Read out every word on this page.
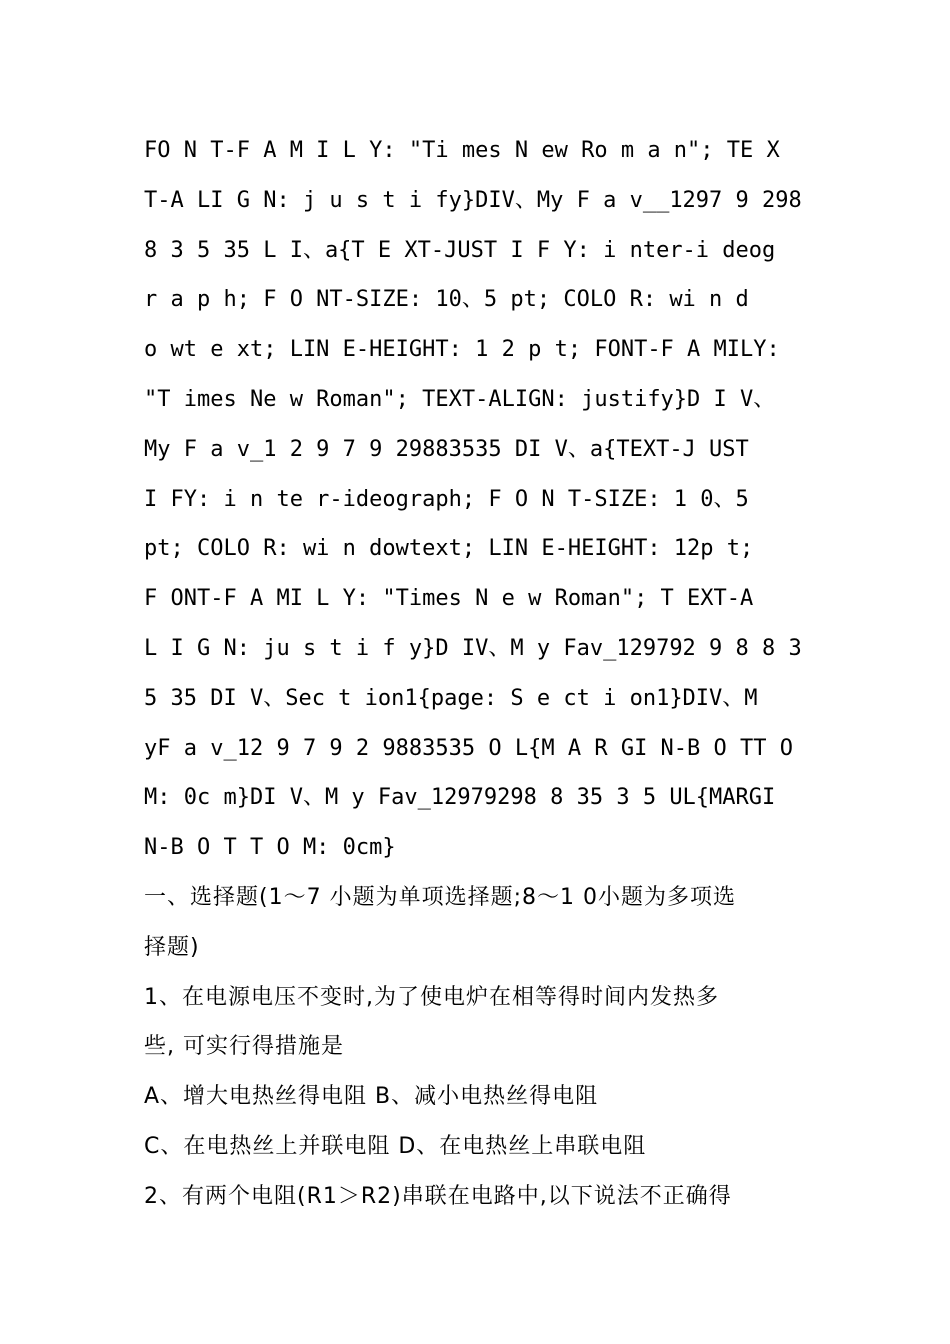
FO N T-F A M I L Y: "Ti mes N ew Ro m a n"; TE X
T-A LI G N: j u s t i fy}DIV、My F a v__1297 9 298
8 3 5 35 L I、a{T E XT-JUST I F Y: i nter-i deog
r a p h; F O NT-SIZE: 10、5 pt; COLO R: wi n d
o wt e xt; LIN E-HEIGHT: 1 2 p t; FONT-F A MILY:
"T imes Ne w Roman"; TEXT-ALIGN: justify}D I V、
My F a v_1 2 9 7 9 29883535 DI V、a{TEXT-J UST
I FY: i n te r-ideograph; F O N T-SIZE: 1 0、5
pt; COLO R: wi n dowtext; LIN E-HEIGHT: 12p t;
F ONT-F A MI L Y: "Times N e w Roman"; T EXT-A
L I G N: ju s t i f y}D IV、M y Fav_129792 9 8 8 3
5 35 DI V、Sec t ion1{page: S e ct i on1}DIV、M
yF a v_12 9 7 9 2 9883535 O L{M A R GI N-B O TT O
M: 0c m}DI V、M y Fav_12979298 8 35 3 5 UL{MARGI
N-B O T T O M: 0cm}
一、选择题(1～7 小题为单项选择题;8～1 0小题为多项选
择题)
1、在电源电压不变时,为了使电炉在相等得时间内发热多
些, 可实行得措施是
A、增大电热丝得电阻 B、减小电热丝得电阻
C、在电热丝上并联电阻 D、在电热丝上串联电阻
2、有两个电阻(R1＞R2)串联在电路中,以下说法不正确得
